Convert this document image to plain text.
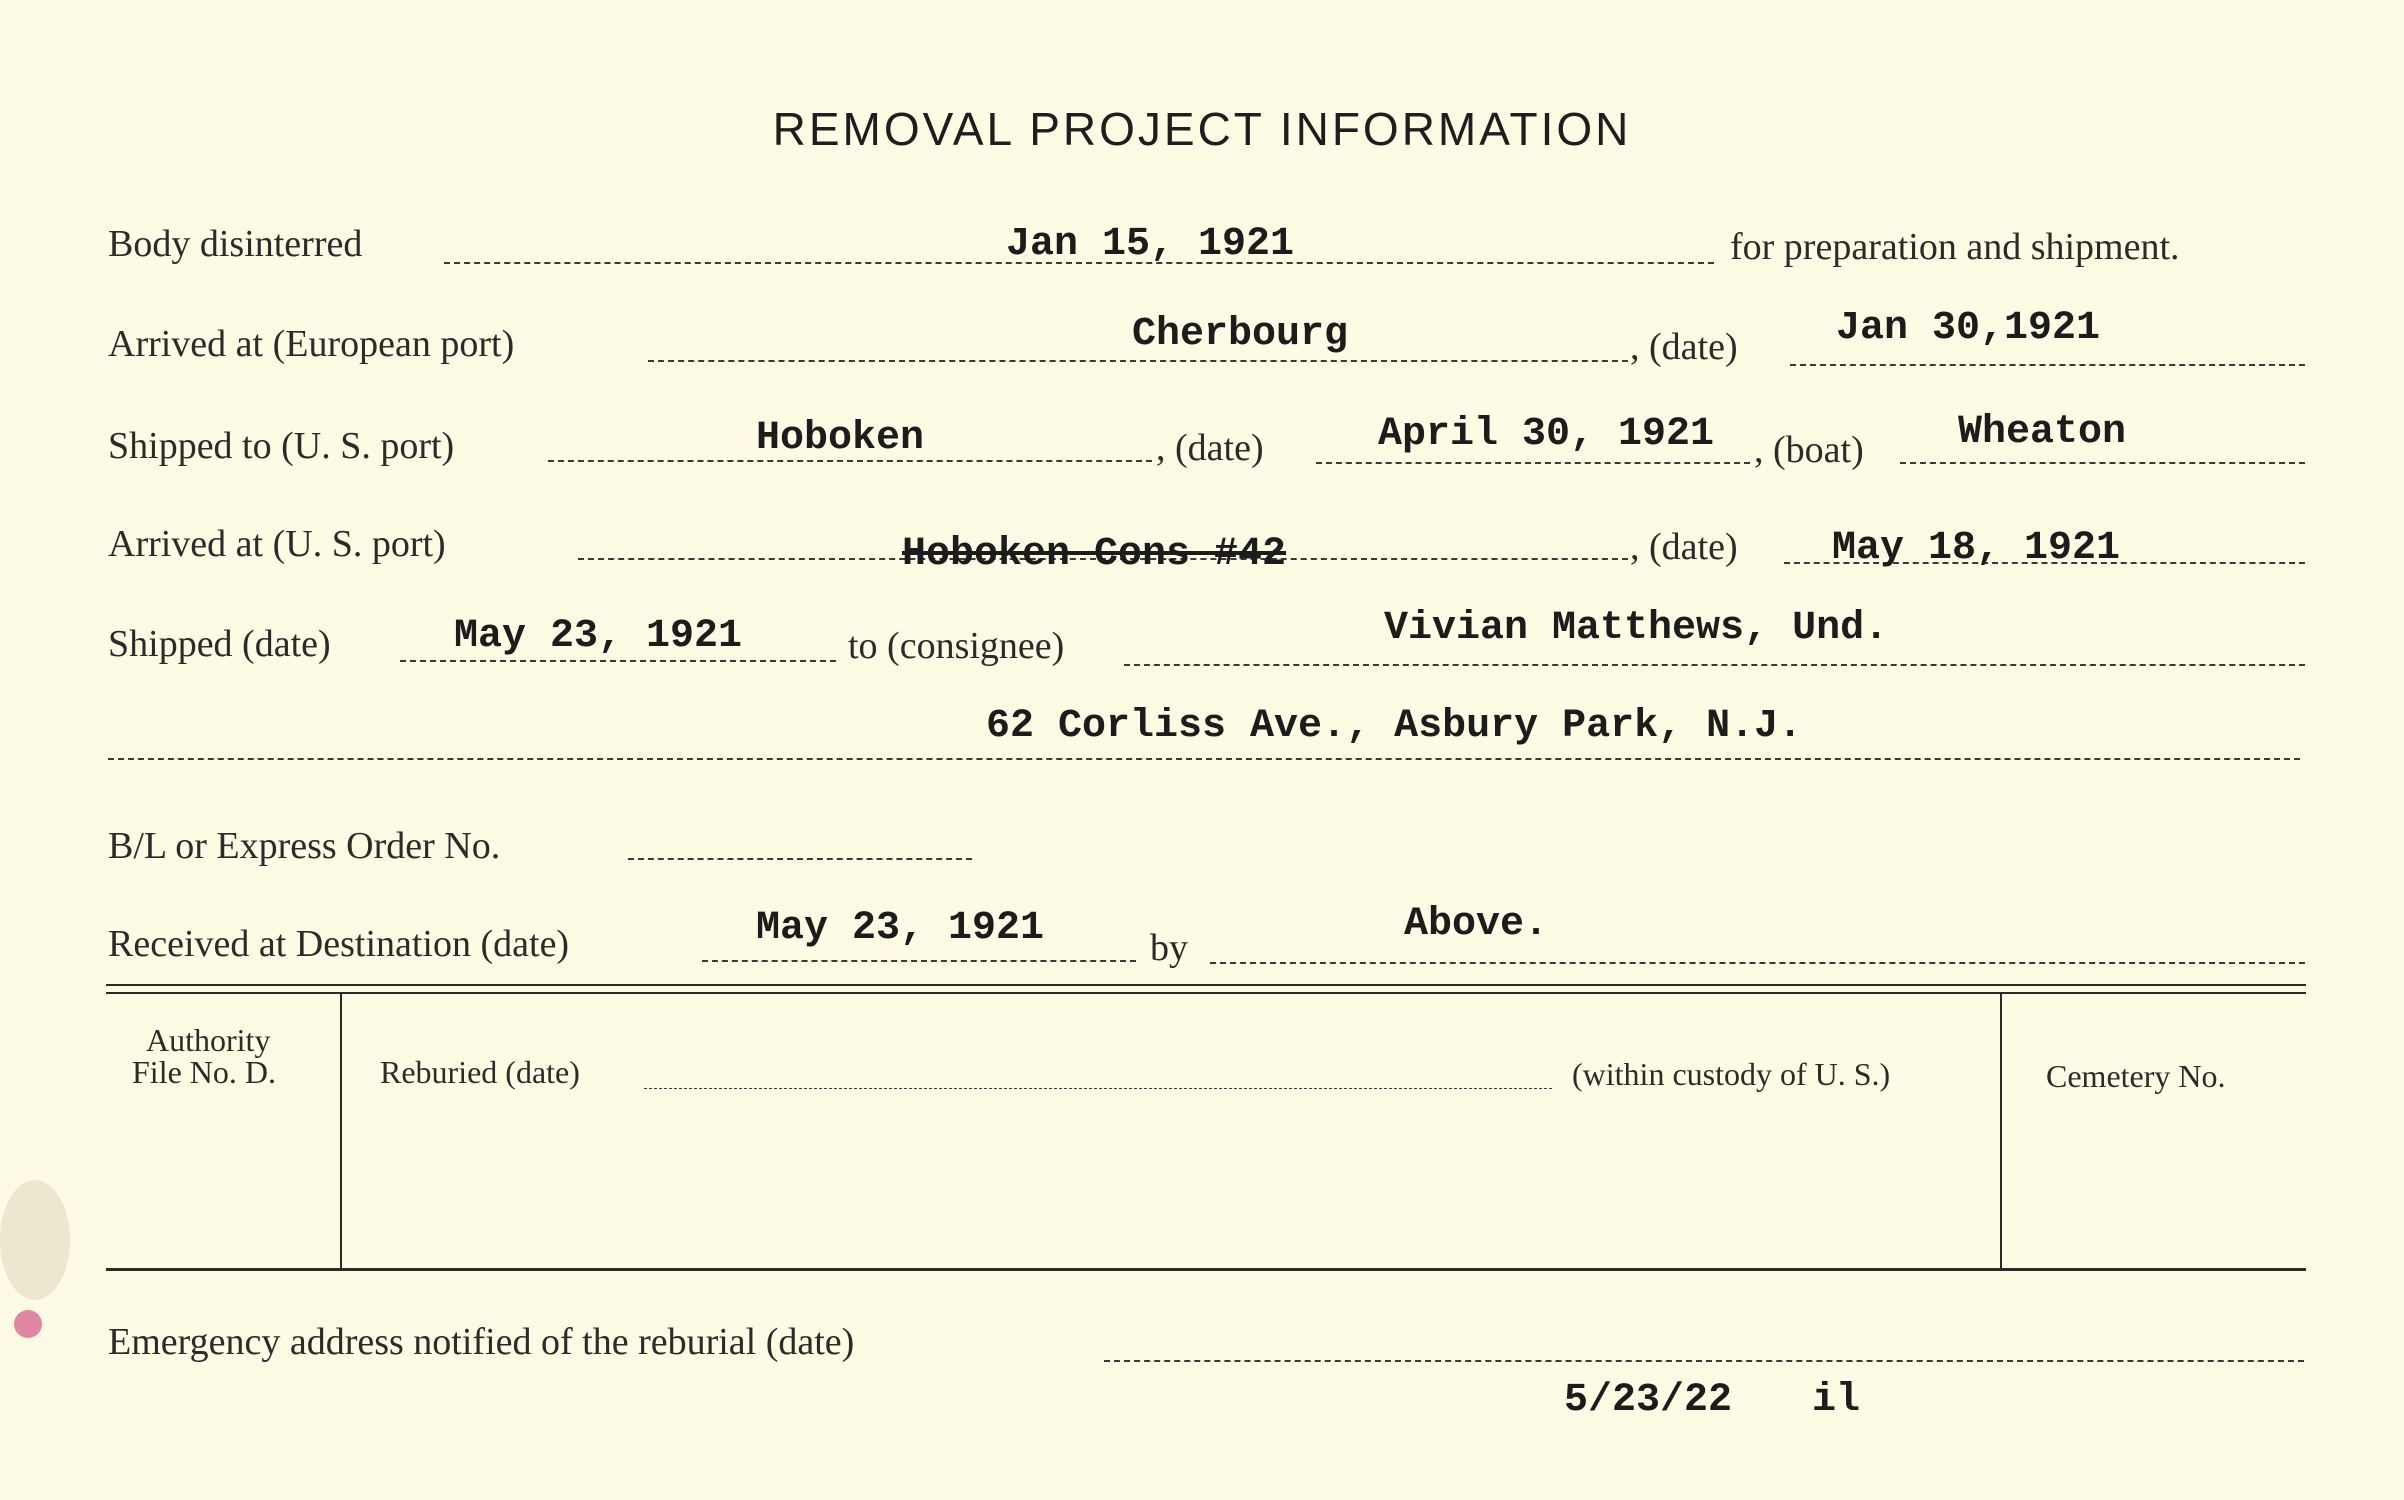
REMOVAL PROJECT INFORMATION
Body disinterred	Jan 15, 1921	for preparation and shipment.
Arrived at (European port)	Cherbourg	, (date) Jan 30,1921
Shipped to (U. S. port)	Hoboken	, (date)	April 30, 1921 , (boat) Wheaton
Arrived at (U. S. port)	Hoboken Cons #42	, (date) May 18, 1921
Shipped (date)	May 23, 1921	to (consignee)	Vivian Matthews, Und.
62 Corliss Ave., Asbury Park, N.J.
B/L or Express Order No.
Received at Destination (date)	May 23, 1921	by
Above.
Authority
File No. D.	Reburied (date)	(within custody of U. S.)	Cemetery No.
Emergency address notified of the reburial (date)
5/23/22 il
